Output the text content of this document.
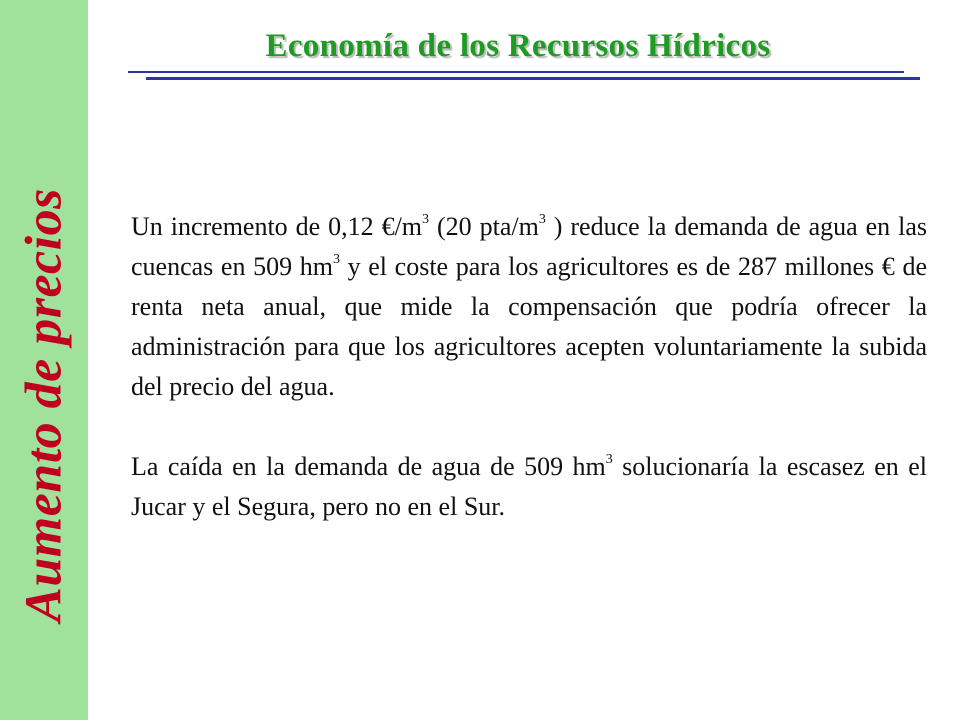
Aumento de precios
Economía de los Recursos Hídricos

Un incremento de 0,12 $€/m^3$ (20 pta/$m^3$ ) reduce la demanda de agua en las cuencas en 509 $hm^3$ y el coste para los agricultores es de 287 millones € de renta neta anual, que mide la compensación que podría ofrecer la administración para que los agricultores acepten voluntariamente la subida del precio del agua.

La caída en la demanda de agua de 509 $hm^3$ solucionaría la escasez en el Jucar y el Segura, pero no en el Sur.
